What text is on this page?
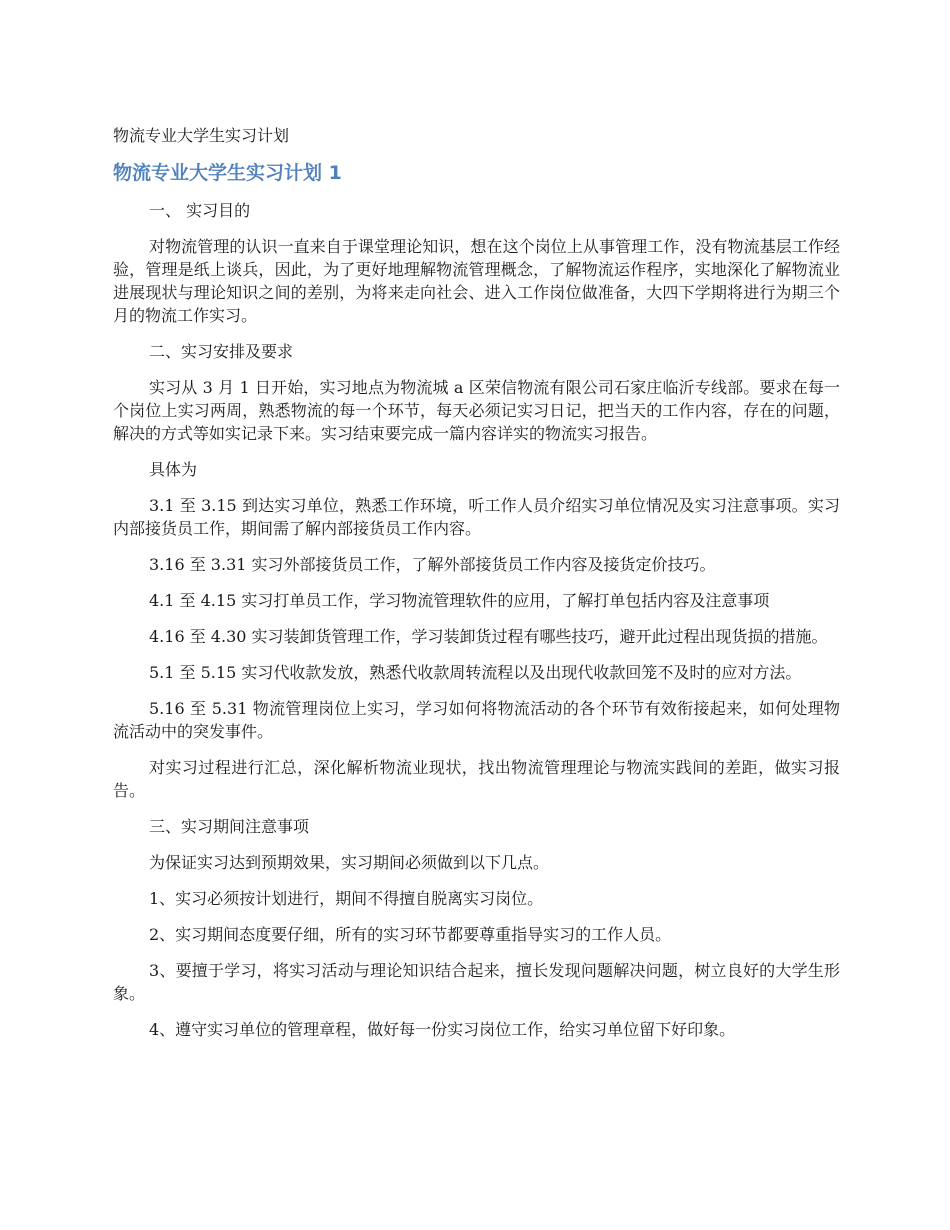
物流专业大学生实习计划
物流专业大学生实习计划 1

一、 实习目的

对物流管理的认识一直来自于课堂理论知识，想在这个岗位上从事管理工作，没有物流基层工作经验，管理是纸上谈兵，因此，为了更好地理解物流管理概念，了解物流运作程序，实地深化了解物流业进展现状与理论知识之间的差别，为将来走向社会、进入工作岗位做准备，大四下学期将进行为期三个月的物流工作实习。

二、实习安排及要求

实习从 3 月 1 日开始，实习地点为物流城 a 区荣信物流有限公司石家庄临沂专线部。要求在每一个岗位上实习两周，熟悉物流的每一个环节，每天必须记实习日记，把当天的工作内容，存在的问题，解决的方式等如实记录下来。实习结束要完成一篇内容详实的物流实习报告。

具体为

3.1 至 3.15 到达实习单位，熟悉工作环境，听工作人员介绍实习单位情况及实习注意事项。实习内部接货员工作，期间需了解内部接货员工作内容。

3.16 至 3.31 实习外部接货员工作，了解外部接货员工作内容及接货定价技巧。

4.1 至 4.15 实习打单员工作，学习物流管理软件的应用，了解打单包括内容及注意事项

4.16 至 4.30 实习装卸货管理工作，学习装卸货过程有哪些技巧，避开此过程出现货损的措施。

5.1 至 5.15 实习代收款发放，熟悉代收款周转流程以及出现代收款回笼不及时的应对方法。

5.16 至 5.31 物流管理岗位上实习，学习如何将物流活动的各个环节有效衔接起来，如何处理物流活动中的突发事件。

对实习过程进行汇总，深化解析物流业现状，找出物流管理理论与物流实践间的差距，做实习报告。

三、实习期间注意事项

为保证实习达到预期效果，实习期间必须做到以下几点。

1、实习必须按计划进行，期间不得擅自脱离实习岗位。

2、实习期间态度要仔细，所有的实习环节都要尊重指导实习的工作人员。

3、要擅于学习，将实习活动与理论知识结合起来，擅长发现问题解决问题，树立良好的大学生形象。

4、遵守实习单位的管理章程，做好每一份实习岗位工作，给实习单位留下好印象。
